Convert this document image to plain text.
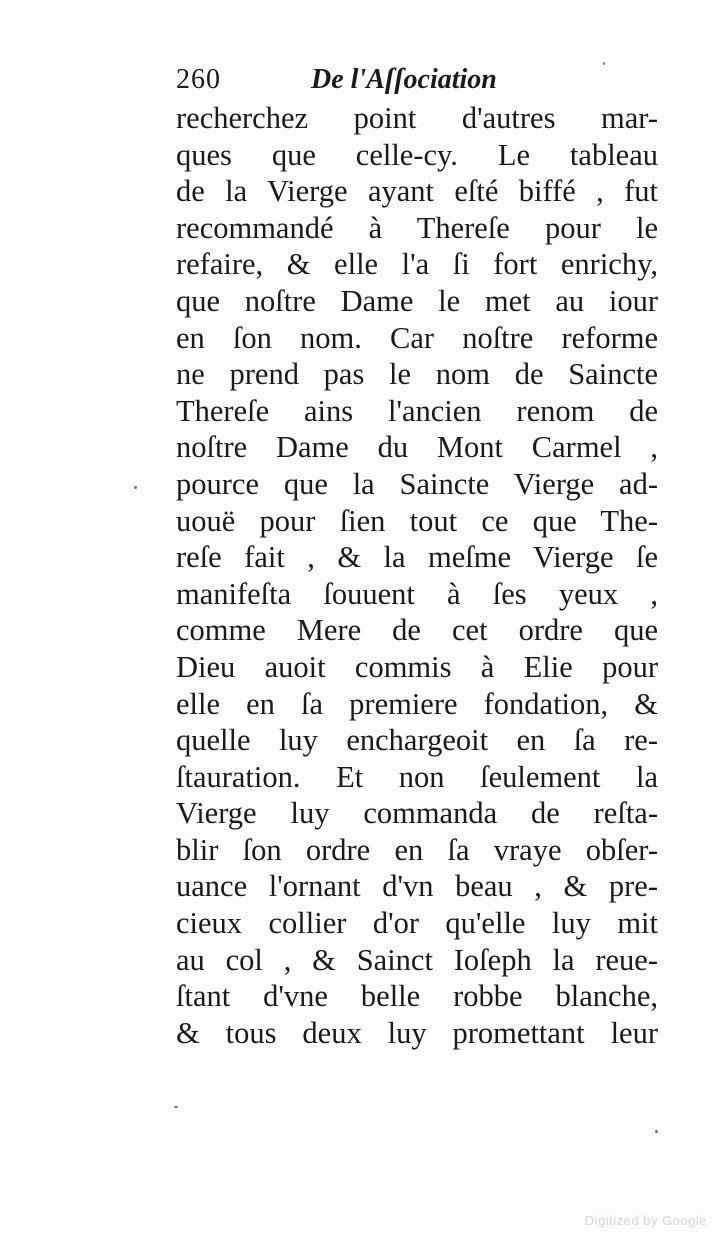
260	De l'Aſſociation
recherchez point d'autres mar-
ques que celle-cy. Le tableau
de la Vierge ayant eſté biffé , fut
recommandé à Thereſe pour le
refaire, & elle l'a ſi fort enrichy,
que noſtre Dame le met au iour
en ſon nom. Car noſtre reforme
ne prend pas le nom de Saincte
Thereſe ains l'ancien renom de
noſtre Dame du Mont Carmel ,
pource que la Saincte Vierge ad-
uouë pour ſien tout ce que The-
reſe fait , & la meſme Vierge ſe
manifeſta ſouuent à ſes yeux ,
comme Mere de cet ordre que
Dieu auoit commis à Elie pour
elle en ſa premiere fondation, &
quelle luy enchargeoit en ſa re-
ſtauration. Et non ſeulement la
Vierge luy commanda de reſta-
blir ſon ordre en ſa vraye obſer-
uance l'ornant d'vn beau , & pre-
cieux collier d'or qu'elle luy mit
au col , & Sainct Ioſeph la reue-
ſtant d'vne belle robbe blanche,
& tous deux luy promettant leur
Digitized by Google
